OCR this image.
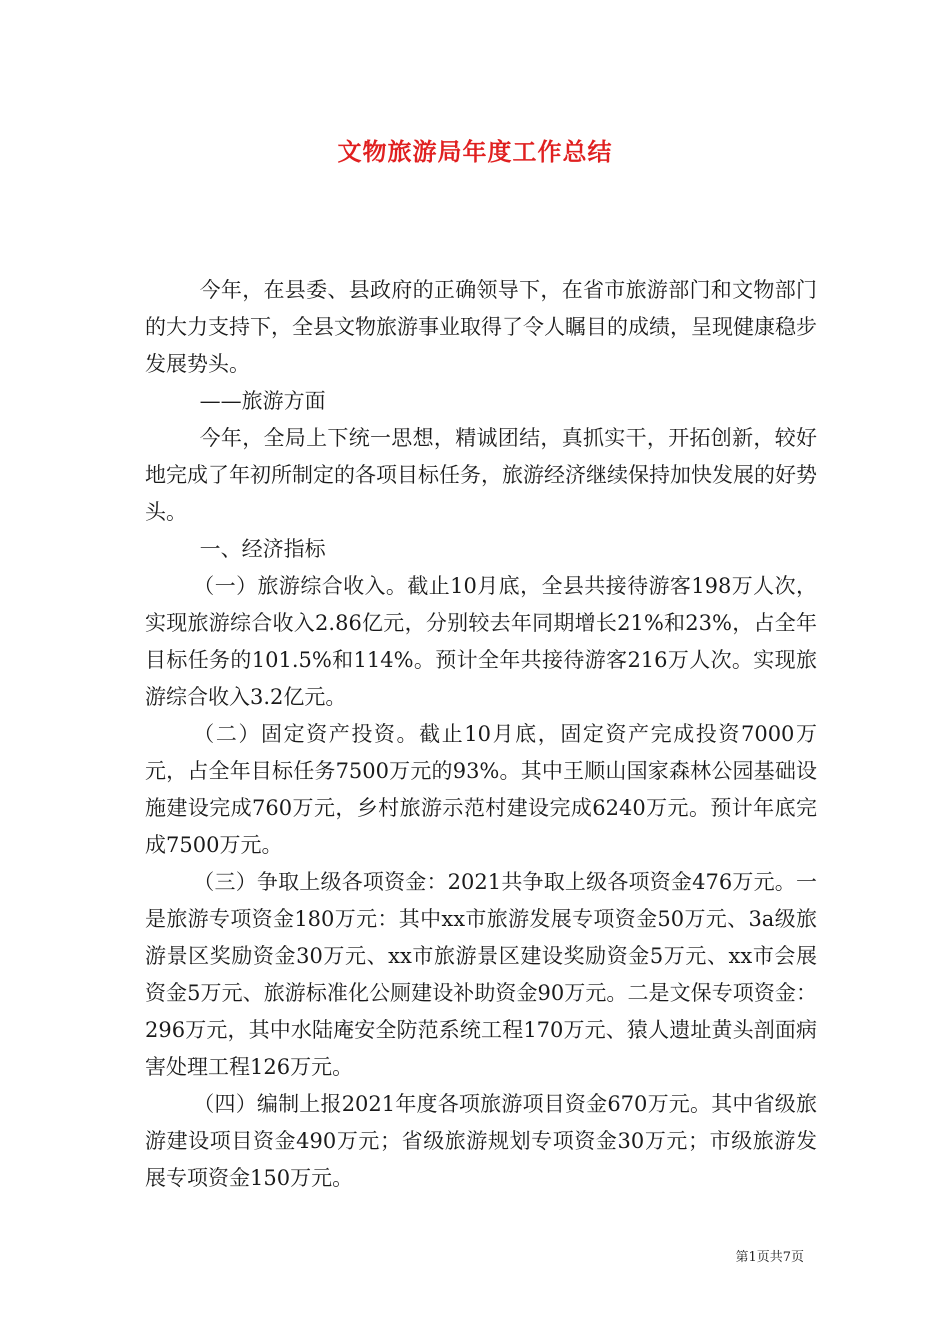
文物旅游局年度工作总结

今年，在县委、县政府的正确领导下，在省市旅游部门和文物部门的大力支持下，全县文物旅游事业取得了令人瞩目的成绩，呈现健康稳步发展势头。

——旅游方面

今年，全局上下统一思想，精诚团结，真抓实干，开拓创新，较好地完成了年初所制定的各项目标任务，旅游经济继续保持加快发展的好势头。

一、经济指标

（一）旅游综合收入。截止10月底，全县共接待游客198万人次，实现旅游综合收入2.86亿元，分别较去年同期增长21%和23%，占全年目标任务的101.5%和114%。预计全年共接待游客216万人次。实现旅游综合收入3.2亿元。

（二）固定资产投资。截止10月底，固定资产完成投资7000万元，占全年目标任务7500万元的93%。其中王顺山国家森林公园基础设施建设完成760万元，乡村旅游示范村建设完成6240万元。预计年底完成7500万元。

（三）争取上级各项资金：2021共争取上级各项资金476万元。一是旅游专项资金180万元：其中xx市旅游发展专项资金50万元、3a级旅游景区奖励资金30万元、xx市旅游景区建设奖励资金5万元、xx市会展资金5万元、旅游标准化公厕建设补助资金90万元。二是文保专项资金：296万元，其中水陆庵安全防范系统工程170万元、猿人遗址黄头剖面病害处理工程126万元。

（四）编制上报2021年度各项旅游项目资金670万元。其中省级旅游建设项目资金490万元；省级旅游规划专项资金30万元；市级旅游发展专项资金150万元。

第1页共7页
